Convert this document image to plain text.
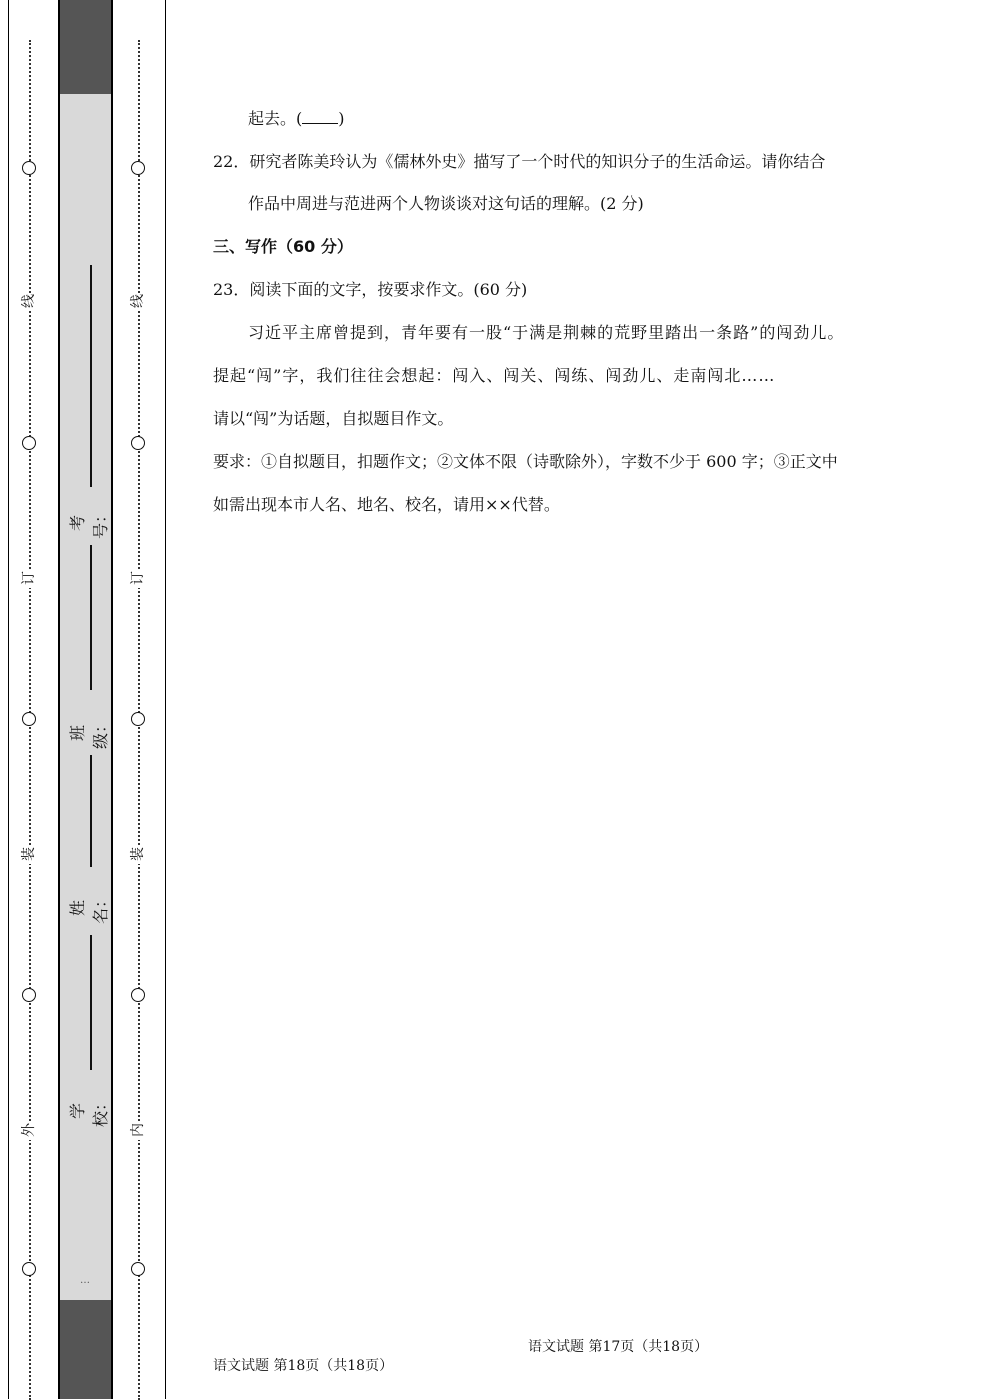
线
订
装
外
线
订
装
内
考号：
班级：
姓名：
学校：
…
起去。( )
22．研究者陈美玲认为《儒林外史》描写了一个时代的知识分子的生活命运。请你结合
作品中周进与范进两个人物谈谈对这句话的理解。(2 分)
三、写作（60 分）
23．阅读下面的文字，按要求作文。(60 分)
习近平主席曾提到，青年要有一股“于满是荆棘的荒野里踏出一条路”的闯劲儿。
提起“闯”字，我们往往会想起：闯入、闯关、闯练、闯劲儿、走南闯北……
请以“闯”为话题，自拟题目作文。
要求：①自拟题目，扣题作文；②文体不限（诗歌除外），字数不少于 600 字；③正文中
如需出现本市人名、地名、校名，请用××代替。
语文试题 第17页（共18页）
语文试题 第18页（共18页）
